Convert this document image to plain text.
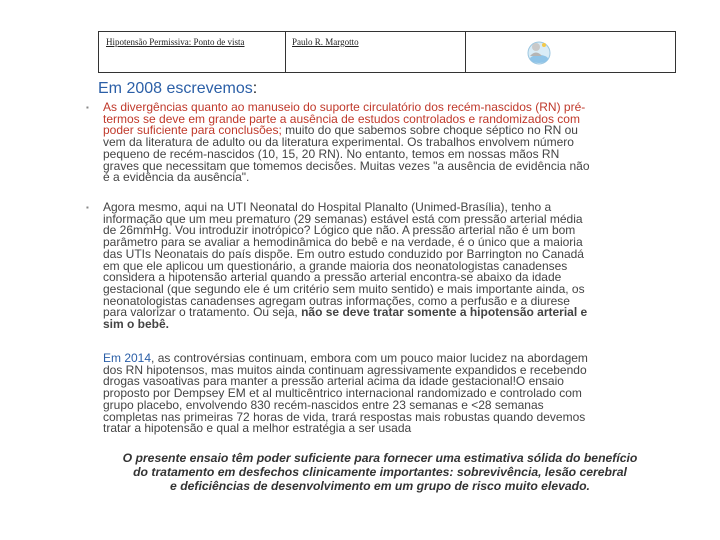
Hipotensão Permissiva: Ponto de vista	Paulo R. Margotto
Em 2008 escrevemos:
▪ As divergências quanto ao manuseio do suporte circulatório dos recém-nascidos (RN) pré-
termos se deve em grande parte a ausência de estudos controlados e randomizados com
poder suficiente para conclusões; muito do que sabemos sobre choque séptico no RN ou
vem da literatura de adulto ou da literatura experimental. Os trabalhos envolvem número
pequeno de recém-nascidos (10, 15, 20 RN). No entanto, temos em nossas mãos RN
graves que necessitam que tomemos decisões. Muitas vezes "a ausência de evidência não
é a evidência da ausência".
▪ Agora mesmo, aqui na UTI Neonatal do Hospital Planalto (Unimed-Brasília), tenho a
informação que um meu prematuro (29 semanas) estável está com pressão arterial média
de 26mmHg. Vou introduzir inotrópico? Lógico que não. A pressão arterial não é um bom
parâmetro para se avaliar a hemodinâmica do bebê e na verdade, é o único que a maioria
das UTIs Neonatais do país dispõe. Em outro estudo conduzido por Barrington no Canadá
em que ele aplicou um questionário, a grande maioria dos neonatologistas canadenses
considera a hipotensão arterial quando a pressão arterial encontra-se abaixo da idade
gestacional (que segundo ele é um critério sem muito sentido) e mais importante ainda, os
neonatologistas canadenses agregam outras informações, como a perfusão e a diurese
para valorizar o tratamento. Ou seja, não se deve tratar somente a hipotensão arterial e
sim o bebê.
Em 2014, as controvérsias continuam, embora com um pouco maior lucidez na abordagem
dos RN hipotensos, mas muitos ainda continuam agressivamente expandidos e recebendo
drogas vasoativas para manter a pressão arterial acima da idade gestacional!O ensaio
proposto por Dempsey EM et al multicêntrico internacional randomizado e controlado com
grupo placebo, envolvendo 830 recém-nascidos entre 23 semanas e <28 semanas
completas nas primeiras 72 horas de vida, trará respostas mais robustas quando devemos
tratar a hipotensão e qual a melhor estratégia a ser usada
O presente ensaio têm poder suficiente para fornecer uma estimativa sólida do benefício
do tratamento em desfechos clinicamente importantes: sobrevivência, lesão cerebral
e deficiências de desenvolvimento em um grupo de risco muito elevado.
